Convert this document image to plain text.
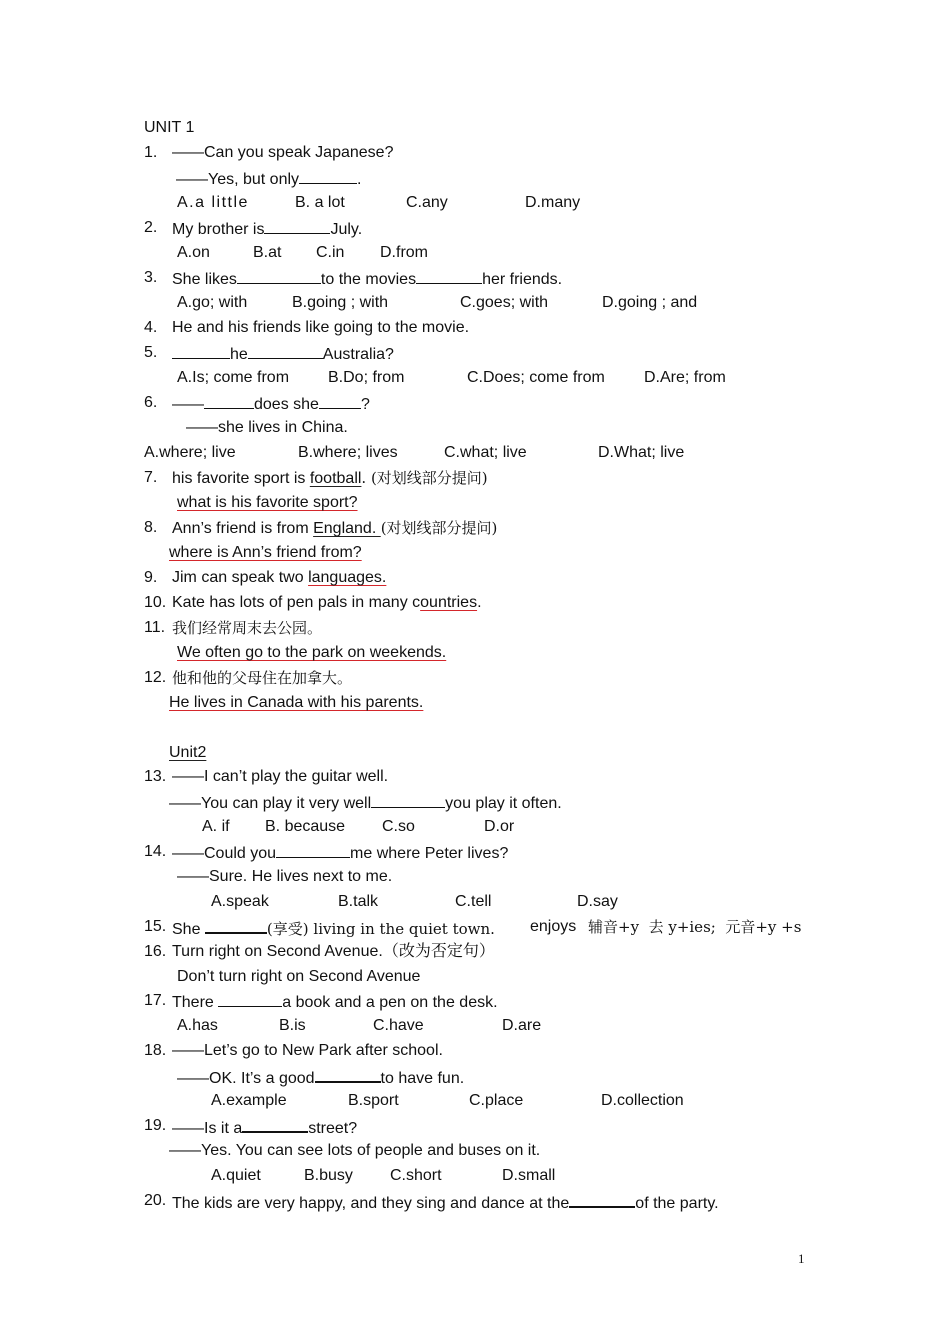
UNIT 1
1. ——Can you speak Japanese?
——Yes, but only	.
A.a little	B. a lot	C.any	D.many
2. My brother is	July.
A.on	B.at C.in D.from
3. She likes	to the movies	her friends.
A.go; with	B.going ; with	C.goes; with	D.going ; and
4. He and his friends like going to the movie.
5.	he	Australia?
A.Is; come from B.Do; from	C.Does; come from D.Are; from
6. ——	does she	?
——she lives in China.
A.where; live	B.where; lives	C.what; live	D.What; live
7. his favorite sport is football. (对划线部分提问)
what is his favorite sport?
8. Ann’s friend is from England. (对划线部分提问)
where is Ann’s friend from?
9. Jim can speak two languages.
10. Kate has lots of pen pals in many countries.
11. 我们经常周末去公园。
We often go to the park on weekends.
12. 他和他的父母住在加拿大。
He lives in Canada with his parents.
Unit2
13. ——I can’t play the guitar well.
——You can play it very well	you play it often.
A. if B. because C.so	D.or
14. ——Could you	me where Peter lives?
——Sure. He lives next to me.
A.speak	B.talk	C.tell	D.say
15. She	(享受) living in the quiet town. enjoys 辅音+y  去 y+ies;  元音+y +s
16. Turn right on Second Avenue.（改为否定句）
Don’t turn right on Second Avenue
17. There	a book and a pen on the desk.
A.has	B.is	C.have	D.are
18. ——Let’s go to New Park after school.
——OK. It’s a good	to have fun.
A.example	B.sport	C.place	D.collection
19. ——Is it a	street?
——Yes. You can see lots of people and buses on it.
A.quiet	B.busy C.short	D.small
20. The kids are very happy, and they sing and dance at the	of the party.
1
